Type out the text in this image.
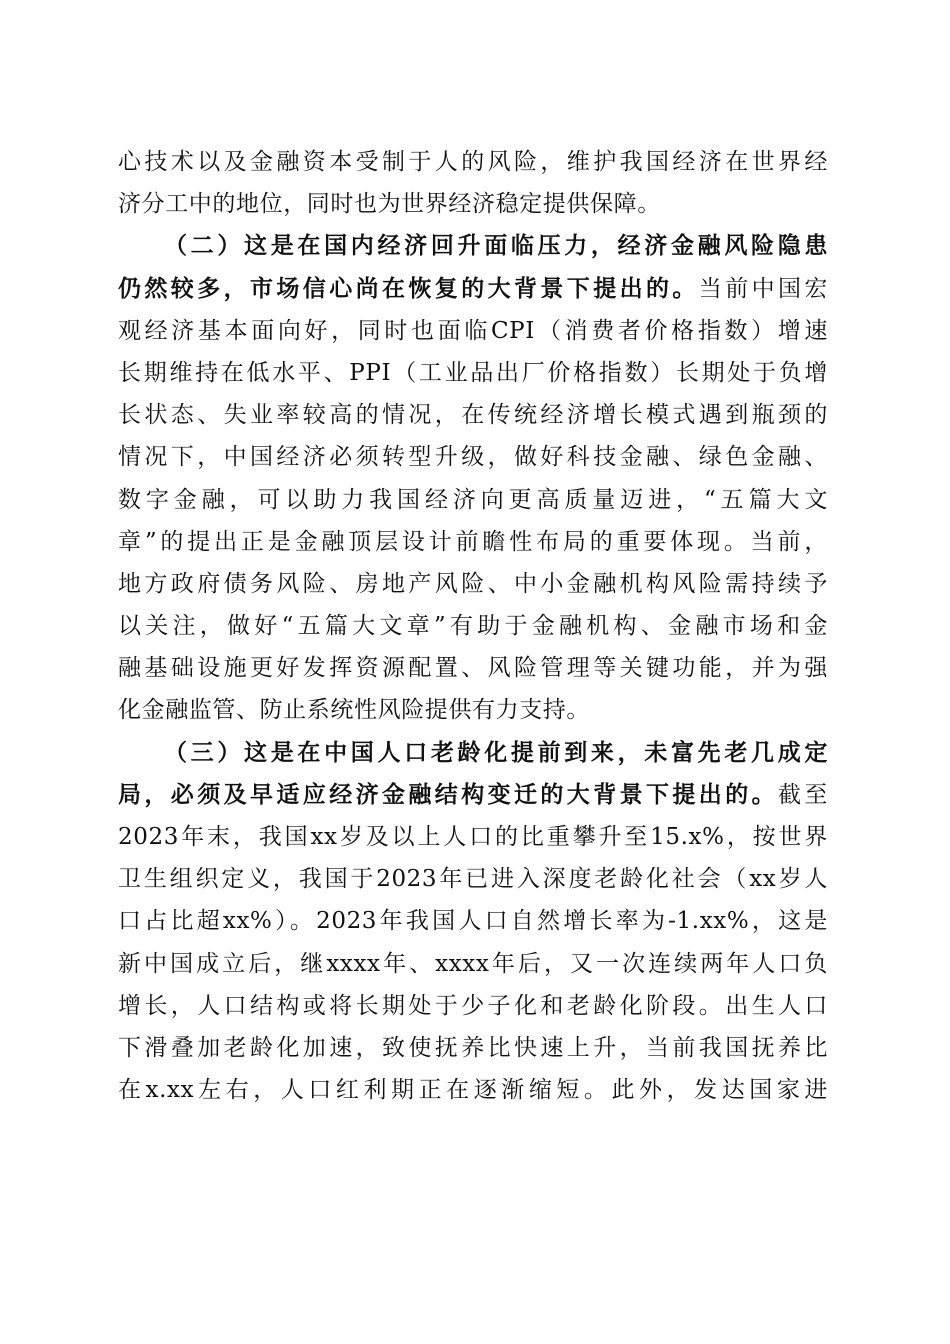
心技术以及金融资本受制于人的风险，维护我国经济在世界经
济分工中的地位，同时也为世界经济稳定提供保障。
（二）这是在国内经济回升面临压力，经济金融风险隐患
仍然较多，市场信心尚在恢复的大背景下提出的。当前中国宏
观经济基本面向好，同时也面临CPI（消费者价格指数）增速
长期维持在低水平、PPI（工业品出厂价格指数）长期处于负增
长状态、失业率较高的情况，在传统经济增长模式遇到瓶颈的
情况下，中国经济必须转型升级，做好科技金融、绿色金融、
数字金融，可以助力我国经济向更高质量迈进，“五篇大文
章”的提出正是金融顶层设计前瞻性布局的重要体现。当前，
地方政府债务风险、房地产风险、中小金融机构风险需持续予
以关注，做好“五篇大文章”有助于金融机构、金融市场和金
融基础设施更好发挥资源配置、风险管理等关键功能，并为强
化金融监管、防止系统性风险提供有力支持。
（三）这是在中国人口老龄化提前到来，未富先老几成定
局，必须及早适应经济金融结构变迁的大背景下提出的。截至
2023年末，我国xx岁及以上人口的比重攀升至15.x%，按世界
卫生组织定义，我国于2023年已进入深度老龄化社会（xx岁人
口占比超xx%）。2023年我国人口自然增长率为-1.xx%，这是
新中国成立后，继xxxx年、xxxx年后，又一次连续两年人口负
增长，人口结构或将长期处于少子化和老龄化阶段。出生人口
下滑叠加老龄化加速，致使抚养比快速上升，当前我国抚养比
在x.xx左右，人口红利期正在逐渐缩短。此外，发达国家进
